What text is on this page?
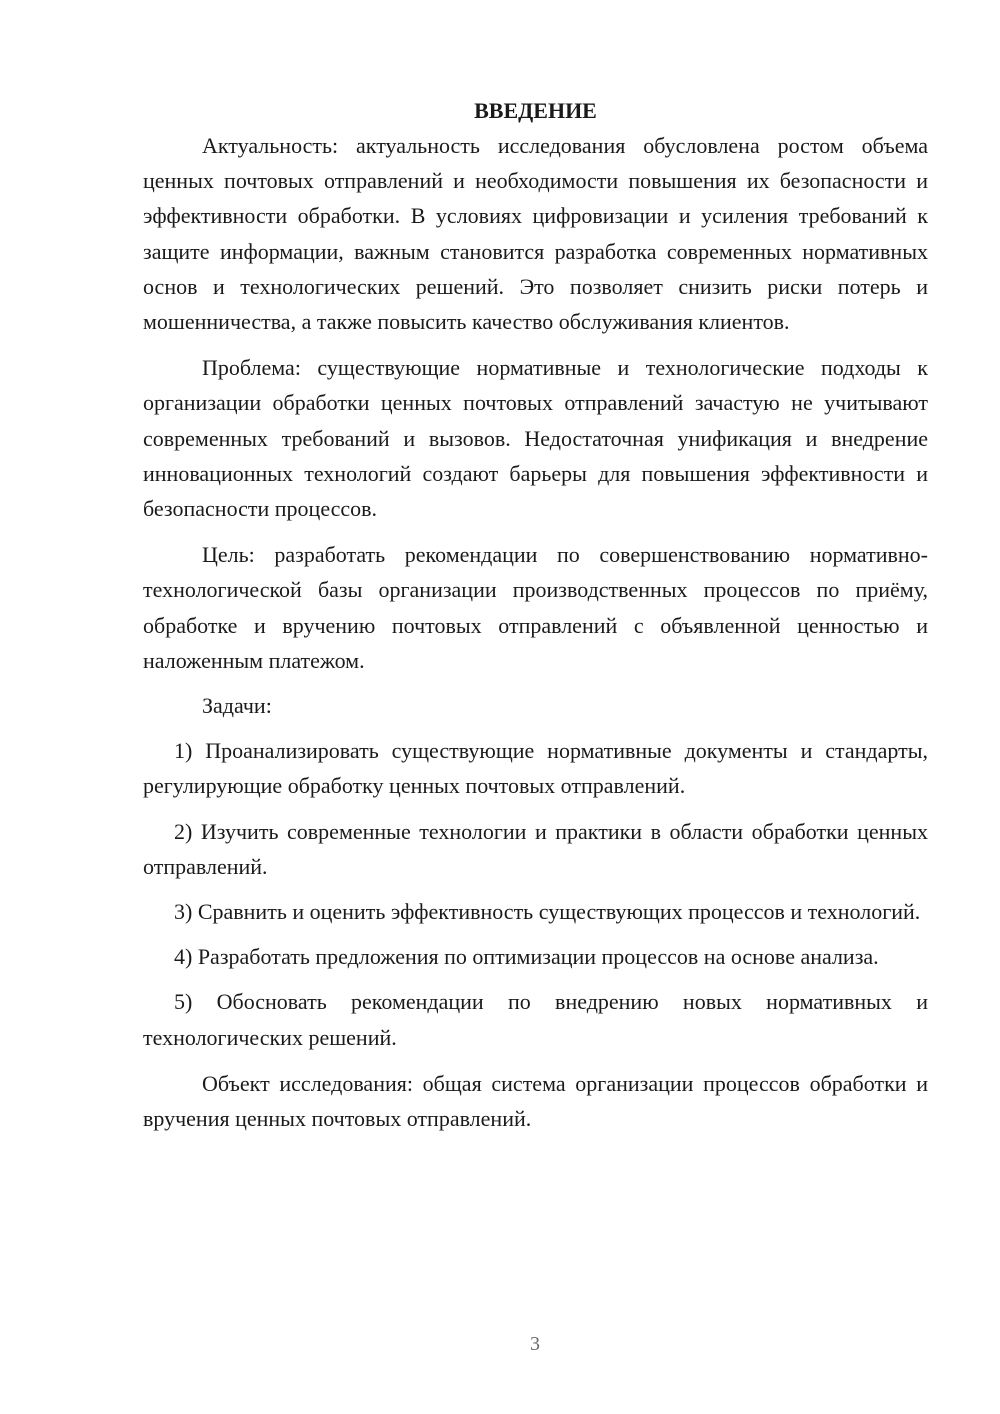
ВВЕДЕНИЕ

Актуальность: актуальность исследования обусловлена ростом объема ценных почтовых отправлений и необходимости повышения их безопасности и эффективности обработки. В условиях цифровизации и усиления требований к защите информации, важным становится разработка современных нормативных основ и технологических решений. Это позволяет снизить риски потерь и мошенничества, а также повысить качество обслуживания клиентов.

Проблема: существующие нормативные и технологические подходы к организации обработки ценных почтовых отправлений зачастую не учитывают современных требований и вызовов. Недостаточная унификация и внедрение инновационных технологий создают барьеры для повышения эффективности и безопасности процессов.

Цель: разработать рекомендации по совершенствованию нормативно-технологической базы организации производственных процессов по приёму, обработке и вручению почтовых отправлений с объявленной ценностью и наложенным платежом.

Задачи:

1) Проанализировать существующие нормативные документы и стандарты, регулирующие обработку ценных почтовых отправлений.

2) Изучить современные технологии и практики в области обработки ценных отправлений.

3) Сравнить и оценить эффективность существующих процессов и технологий.

4) Разработать предложения по оптимизации процессов на основе анализа.

5) Обосновать рекомендации по внедрению новых нормативных и технологических решений.

Объект исследования: общая система организации процессов обработки и вручения ценных почтовых отправлений.

3
